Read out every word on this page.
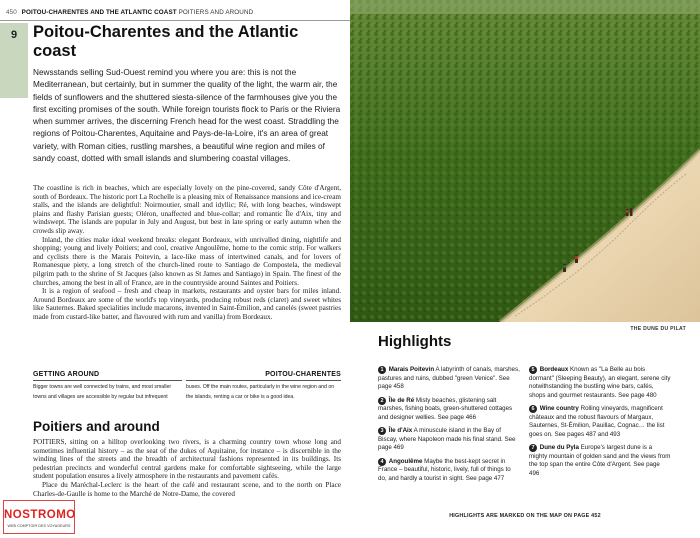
450 POITOU-CHARENTES AND THE ATLANTIC COAST POITIERS AND AROUND
9 Poitou-Charentes and the Atlantic coast

Newsstands selling Sud-Ouest remind you where you are: this is not the Mediterranean, but certainly, but in summer the quality of the light, the warm air, the fields of sunflowers and the shuttered siesta-silence of the farmhouses give you the first exciting promises of the south. While foreign tourists flock to Paris or the Riviera when summer arrives, the discerning French head for the west coast. Straddling the regions of Poitou-Charentes, Aquitaine and Pays-de-la-Loire, it's an area of great variety, with Roman cities, rustling marshes, a beautiful wine region and miles of sandy coast, dotted with small islands and slumbering coastal villages.

The coastline is rich in beaches, which are especially lovely on the pine-covered, sandy Côte d'Argent, south of Bordeaux. The historic port La Rochelle is a pleasing mix of Renaissance mansions and ice-cream stalls, and the islands are delightful: Noirmoutier, small and idyllic; Ré, with long beaches, windswept plains and flashy Parisian guests; Oléron, unaffected and blue-collar; and romantic Île d'Aix, tiny and windswept. The islands are popular in July and August, but best in late spring or early autumn when the crowds slip away.

Inland, the cities make ideal weekend breaks: elegant Bordeaux, with unrivalled dining, nightlife and shopping; young and lively Poitiers; and cool, creative Angoulême, home to the comic strip. For walkers and cyclists there is the Marais Poitevin, a lace-like mass of intertwined canals, and for lovers of Romanesque piety, a long stretch of the church-lined route to Santiago de Compostela, the medieval pilgrim path to the shrine of St Jacques (also known as St James and Santiago) in Spain. The finest of the churches, among the best in all of France, are in the countryside around Saintes and Poitiers.

It is a region of seafood – fresh and cheap in markets, restaurants and oyster bars for miles inland. Around Bordeaux are some of the world's top vineyards, producing robust reds (claret) and sweet whites like Sauternes. Baked specialities include macarons, invented in Saint-Émilion, and canelés (sweet pastries made from custard-like batter, and flavoured with rum and vanilla) from Bordeaux.

GETTING AROUND
Bigger towns are well connected by trains, and most smaller towns and villages are accessible by regular but infrequent
POITOU-CHARENTES
buses. Off the main routes, particularly in the wine region and on the islands, renting a car or bike is a good idea.
Poitiers and around

POITIERS, sitting on a hilltop overlooking two rivers, is a charming country town whose long and sometimes influential history – as the seat of the dukes of Aquitaine, for instance – is discernible in the winding lines of the streets and the breadth of architectural fashions represented in its buildings. Its pedestrian precincts and wonderful central gardens make for comfortable sightseeing, while the large student population ensures a lively atmosphere in the restaurants and pavement cafés.

Place du Maréchal-Leclerc is the heart of the café and restaurant scene, and to the north on Place Charles-de-Gaulle is home to the Marché de Notre-Dame, the covered

NOSTROMO
WEB COMPTOIR DES VOYAGEURS
THE DUNE DU PILAT
Highlights
1 Marais Poitevin A labyrinth of canals, marshes, pastures and ruins, dubbed "green Venice". See page 458
2 Île de Ré Misty beaches, glistening salt marshes, fishing boats, green-shuttered cottages and designer wellies. See page 466
3 Île d'Aix A minuscule island in the Bay of Biscay, where Napoleon made his final stand. See page 469
4 Angoulême Maybe the best-kept secret in France – beautiful, historic, lively, full of things to do, and hardly a tourist in sight. See page 477
5 Bordeaux Known as "La Belle au bois dormant" (Sleeping Beauty), an elegant, serene city notwithstanding the bustling wine bars, cafés, shops and gourmet restaurants. See page 480
6 Wine country Rolling vineyards, magnificent châteaux and the robust flavours of Margaux, Sauternes, St-Émilion, Pauillac, Cognac… the list goes on. See pages 487 and 493
7 Dune du Pyla Europe's largest dune is a mighty mountain of golden sand and the views from the top span the entire Côte d'Argent. See page 496
HIGHLIGHTS ARE MARKED ON THE MAP ON PAGE 452
